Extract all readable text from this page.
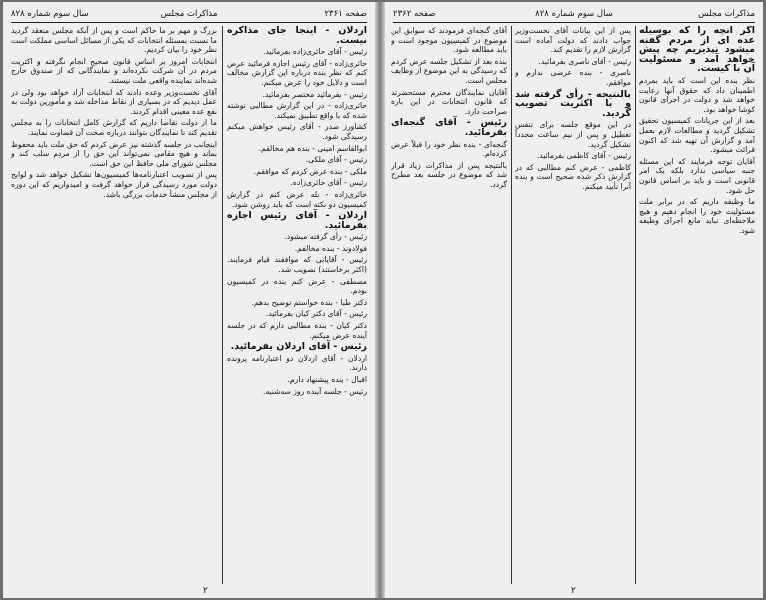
سال سوم شماره ۸۲۸	مذاکرات مجلس	صفحه ۲۳۶۱

بزرگ و مهم بر ما حاکم است و پس از آنکه مجلس منعقد گردید ما نسبت بمسئله انتخابات که یکی از مسائل اساسی مملکت است نظر خود را بیان کردیم.

انتخابات امروز بر اساس قانون صحیح انجام نگرفته و اکثریت مردم در آن شرکت نکرده‌اند و نمایندگانی که از صندوق خارج شده‌اند نماینده واقعی ملت نیستند.

آقای نخست‌وزیر وعده دادند که انتخابات آزاد خواهد بود ولی در عمل دیدیم که در بسیاری از نقاط مداخله شد و مأمورین دولت به نفع عده معینی اقدام کردند.

ما از دولت تقاضا داریم که گزارش کامل انتخابات را به مجلس تقدیم کند تا نمایندگان بتوانند درباره صحت آن قضاوت نمایند.

اینجانب در جلسه گذشته نیز عرض کردم که حق ملت باید محفوظ بماند و هیچ مقامی نمی‌تواند این حق را از مردم سلب کند و مجلس شورای ملی حافظ این حق است.

پس از تصویب اعتبارنامه‌ها کمیسیون‌ها تشکیل خواهد شد و لوایح دولت مورد رسیدگی قرار خواهد گرفت و امیدواریم که این دوره از مجلس منشأ خدمات بزرگی باشد.

اردلان - اینجا جای مذاکره نیست.

رئیس - آقای حائری‌زاده بفرمائید.

حائری‌زاده - آقای رئیس اجازه فرمائید عرض کنم که نظر بنده درباره این گزارش مخالف است و دلایل خود را عرض میکنم.

رئیس - بفرمائید مختصر بفرمائید.

حائری‌زاده - در این گزارش مطالبی نوشته شده که با واقع تطبیق نمیکند.

کشاورز صدر - آقای رئیس خواهش میکنم رسیدگی شود.

ابوالقاسم امینی - بنده هم مخالفم.

رئیس - آقای ملکی.

ملکی - بنده عرض کردم که موافقم.

رئیس - آقای حائری‌زاده.

حائری‌زاده - بله عرض کنم در گزارش کمیسیون دو نکته است که باید روشن شود.

اردلان - آقای رئیس اجازه بفرمائید.

رئیس - رأی گرفته میشود.

فولادوند - بنده مخالفم.

رئیس - آقایانی که موافقند قیام فرمایند. (اکثر برخاستند) تصویب شد.

مصطفی - عرض کنم بنده در کمیسیون بودم.

دکتر طبا - بنده خواستم توضیح بدهم.

رئیس - آقای دکتر کیان بفرمائید.

دکتر کیان - بنده مطالبی دارم که در جلسه آینده عرض میکنم.

رئیس - آقای اردلان بفرمائید.

اردلان - آقای اردلان دو اعتبارنامه پرونده دارند.

اقبال - بنده پیشنهاد دارم.

رئیس - جلسه آینده روز سه‌شنبه.

۲
صفحه ۲۳۶۲	سال سوم شماره ۸۲۸	مذاکرات مجلس

آقای گنجه‌ای فرمودند که سوابق این موضوع در کمیسیون موجود است و باید مطالعه شود.

بنده بعد از تشکیل جلسه عرض کردم که رسیدگی به این موضوع از وظایف مجلس است.

آقایان نمایندگان محترم مستحضرند که قانون انتخابات در این باره صراحت دارد.

رئیس - آقای گنجه‌ای بفرمائید.

گنجه‌ای - بنده نظر خود را قبلاً عرض کرده‌ام.

بالنتیجه پس از مذاکرات زیاد قرار شد که موضوع در جلسه بعد مطرح گردد.

پس از این بیانات آقای نخست‌وزیر جواب دادند که دولت آماده است گزارش لازم را تقدیم کند.

رئیس - آقای ناصری بفرمائید.

ناصری - بنده عرضی ندارم و موافقم.

بالنتیجه - رأی گرفته شد و با اکثریت تصویب گردید.

در این موقع جلسه برای تنفس تعطیل و پس از نیم ساعت مجدداً تشکیل گردید.

رئیس - آقای کاظمی بفرمائید.

کاظمی - عرض کنم مطالبی که در گزارش ذکر شده صحیح است و بنده آنرا تأیید میکنم.

اگر آنچه را که بوسیله عده ای از مردم گفته میشود نپذیریم چه پیش خواهد آمد و مسئولیت آن با کیست.

نظر بنده این است که باید بمردم اطمینان داد که حقوق آنها رعایت خواهد شد و دولت در اجرای قانون کوشا خواهد بود.

بعد از این جریانات کمیسیون تحقیق تشکیل گردید و مطالعات لازم بعمل آمد و گزارش آن تهیه شد که اکنون قرائت میشود.

آقایان توجه فرمایند که این مسئله جنبه سیاسی ندارد بلکه یک امر قانونی است و باید بر اساس قانون حل شود.

ما وظیفه داریم که در برابر ملت مسئولیت خود را انجام دهیم و هیچ ملاحظه‌ای نباید مانع اجرای وظیفه شود.

۲
